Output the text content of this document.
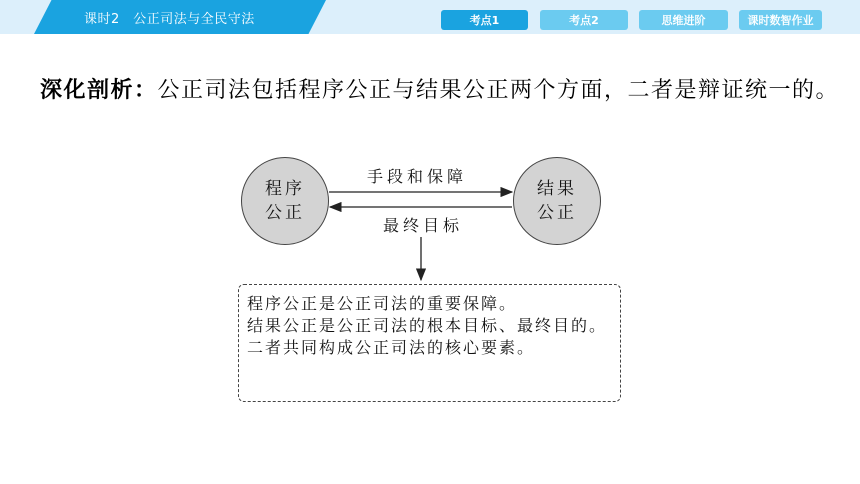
课时2　公正司法与全民守法	考点1	考点2	思维进阶	课时数智作业
深化剖析：公正司法包括程序公正与结果公正两个方面，二者是辩证统一的。
程序
公正
结果
公正
手段和保障
最终目标
程序公正是公正司法的重要保障。
结果公正是公正司法的根本目标、最终目的。
二者共同构成公正司法的核心要素。
